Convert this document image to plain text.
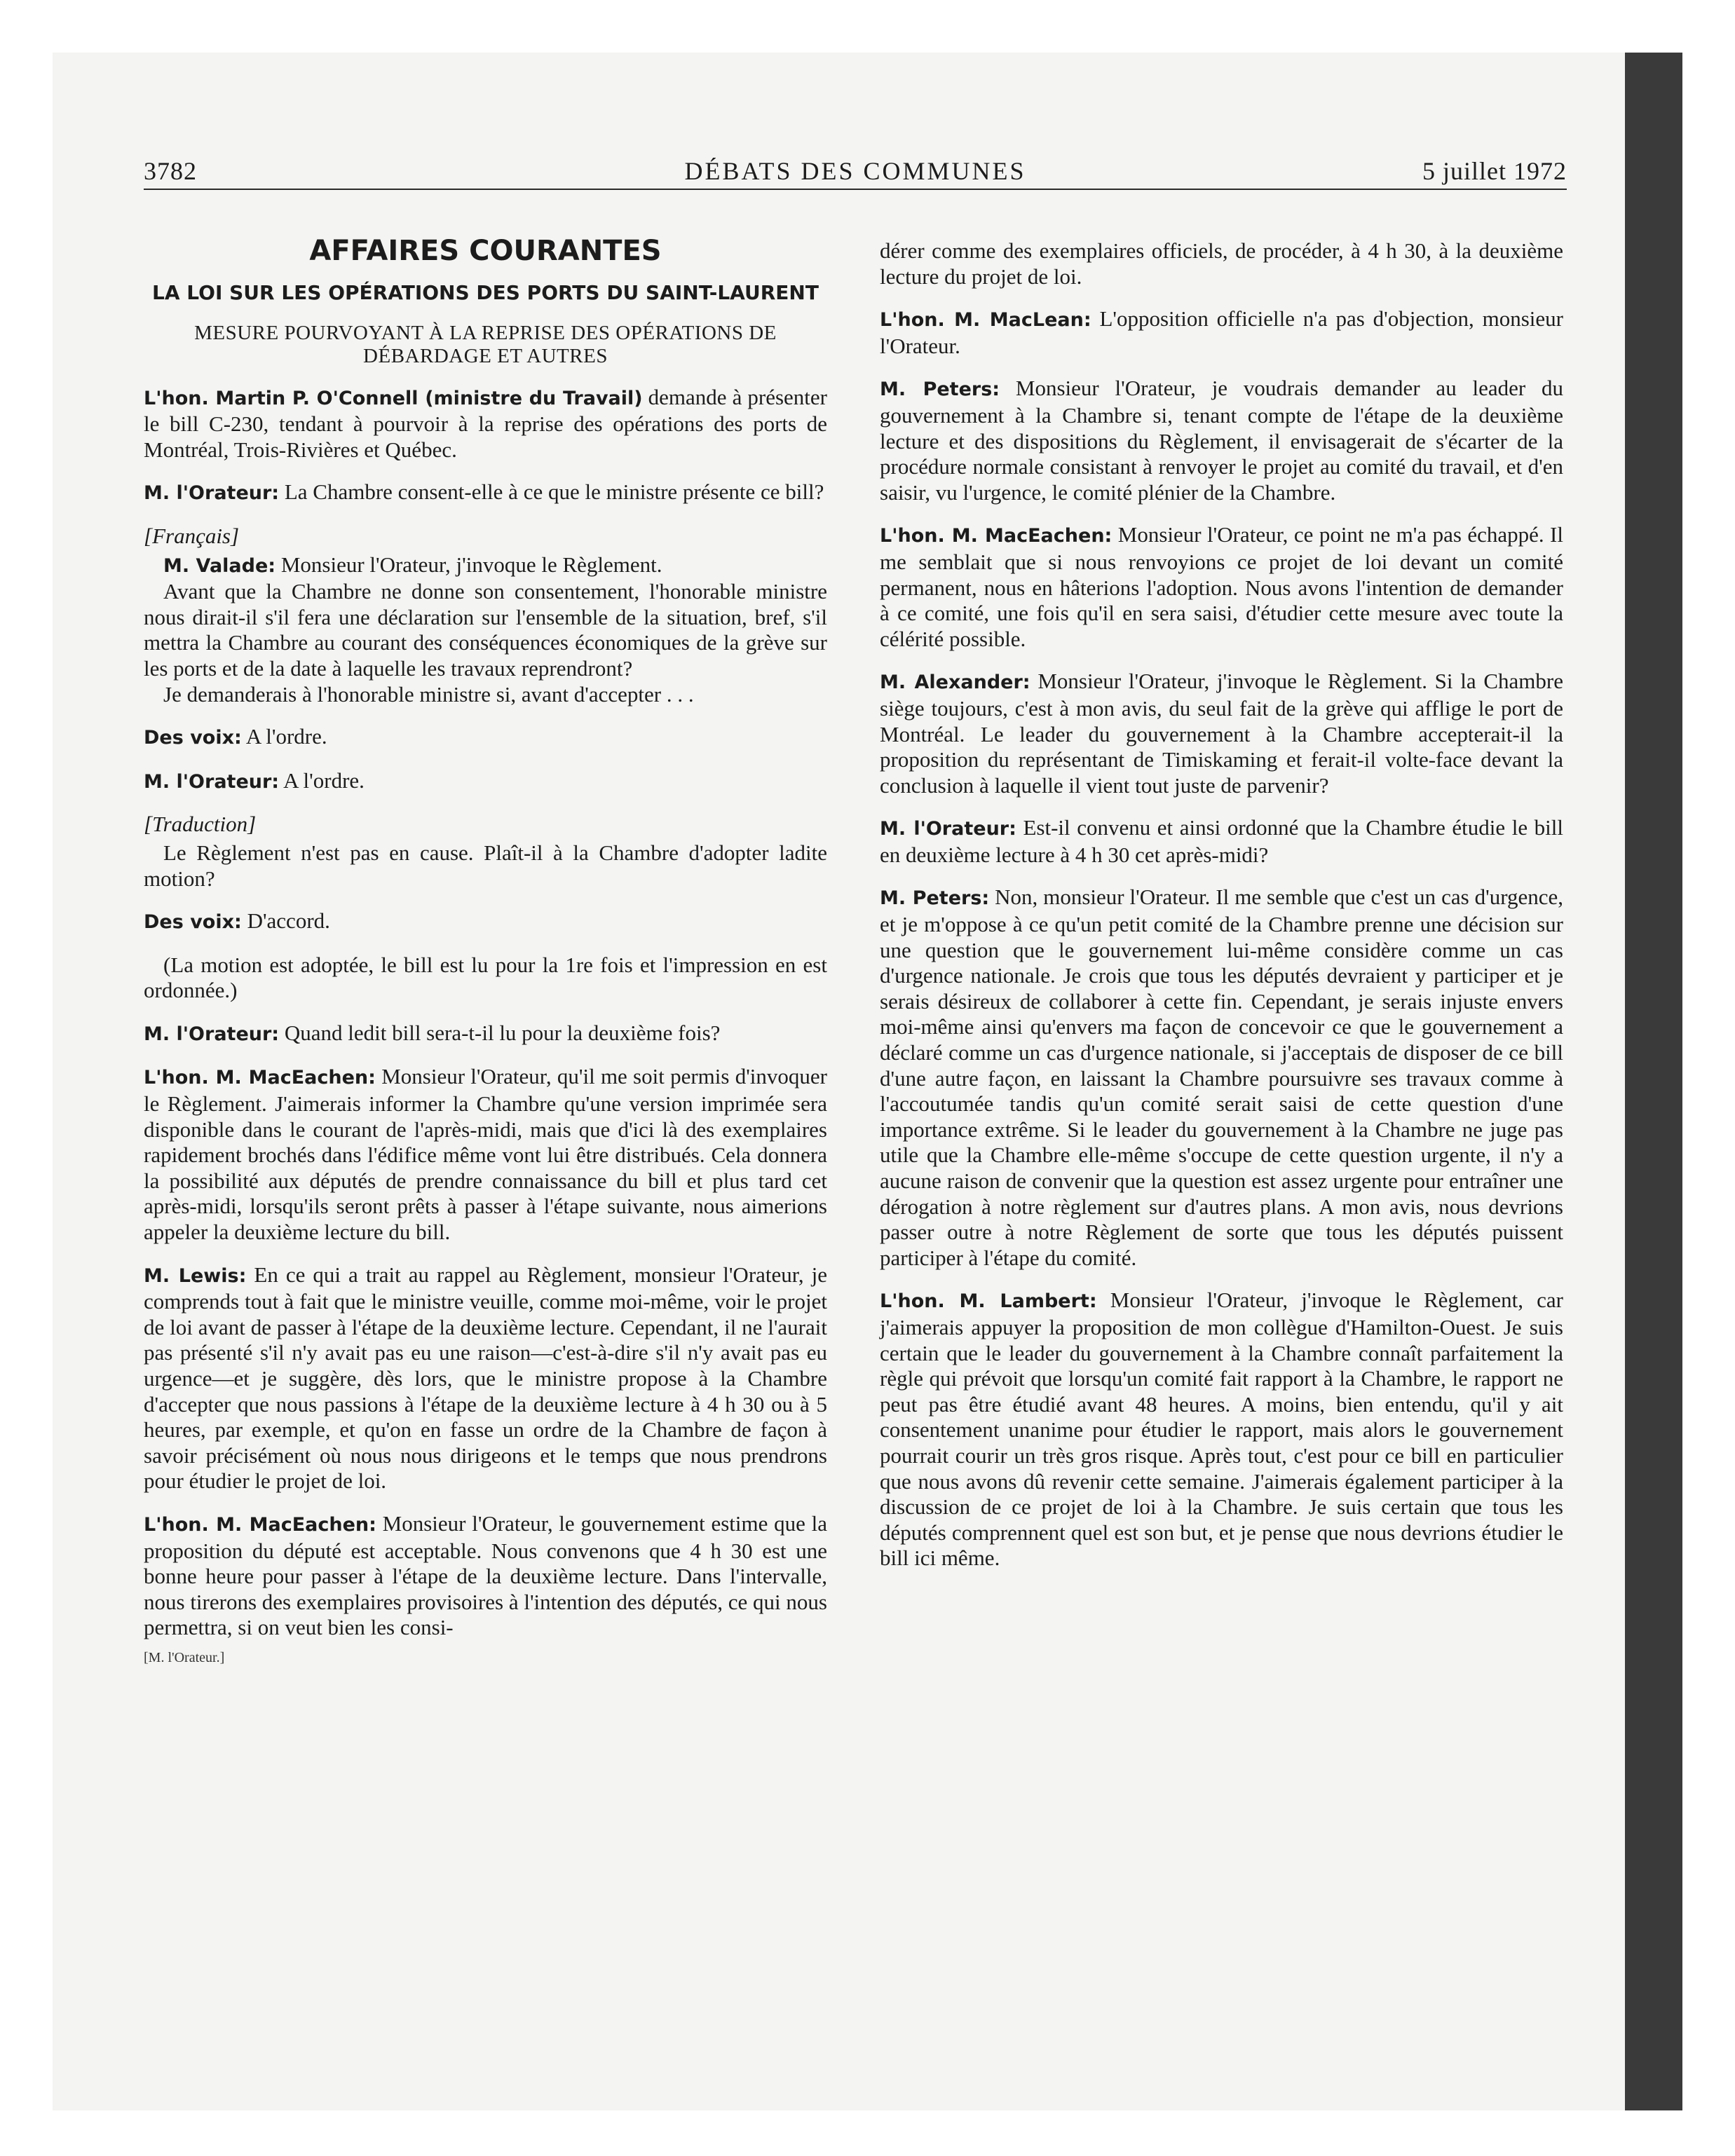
3782	DÉBATS DES COMMUNES	5 juillet 1972

AFFAIRES COURANTES

LA LOI SUR LES OPÉRATIONS DES PORTS DU SAINT-LAURENT

MESURE POURVOYANT À LA REPRISE DES OPÉRATIONS DE DÉBARDAGE ET AUTRES

L'hon. Martin P. O'Connell (ministre du Travail) demande à présenter le bill C-230, tendant à pourvoir à la reprise des opérations des ports de Montréal, Trois-Rivières et Québec.

M. l'Orateur: La Chambre consent-elle à ce que le ministre présente ce bill?

[Français]

M. Valade: Monsieur l'Orateur, j'invoque le Règlement.

Avant que la Chambre ne donne son consentement, l'honorable ministre nous dirait-il s'il fera une déclaration sur l'ensemble de la situation, bref, s'il mettra la Chambre au courant des conséquences économiques de la grève sur les ports et de la date à laquelle les travaux reprendront?

Je demanderais à l'honorable ministre si, avant d'accepter . . .

Des voix: A l'ordre.

M. l'Orateur: A l'ordre.

[Traduction]

Le Règlement n'est pas en cause. Plaît-il à la Chambre d'adopter ladite motion?

Des voix: D'accord.

(La motion est adoptée, le bill est lu pour la 1re fois et l'impression en est ordonnée.)

M. l'Orateur: Quand ledit bill sera-t-il lu pour la deuxième fois?

L'hon. M. MacEachen: Monsieur l'Orateur, qu'il me soit permis d'invoquer le Règlement. J'aimerais informer la Chambre qu'une version imprimée sera disponible dans le courant de l'après-midi, mais que d'ici là des exemplaires rapidement brochés dans l'édifice même vont lui être distribués. Cela donnera la possibilité aux députés de prendre connaissance du bill et plus tard cet après-midi, lorsqu'ils seront prêts à passer à l'étape suivante, nous aimerions appeler la deuxième lecture du bill.

M. Lewis: En ce qui a trait au rappel au Règlement, monsieur l'Orateur, je comprends tout à fait que le ministre veuille, comme moi-même, voir le projet de loi avant de passer à l'étape de la deuxième lecture. Cependant, il ne l'aurait pas présenté s'il n'y avait pas eu une raison—c'est-à-dire s'il n'y avait pas eu urgence—et je suggère, dès lors, que le ministre propose à la Chambre d'accepter que nous passions à l'étape de la deuxième lecture à 4 h 30 ou à 5 heures, par exemple, et qu'on en fasse un ordre de la Chambre de façon à savoir précisément où nous nous dirigeons et le temps que nous prendrons pour étudier le projet de loi.

L'hon. M. MacEachen: Monsieur l'Orateur, le gouvernement estime que la proposition du député est acceptable. Nous convenons que 4 h 30 est une bonne heure pour passer à l'étape de la deuxième lecture. Dans l'intervalle, nous tirerons des exemplaires provisoires à l'intention des députés, ce qui nous permettra, si on veut bien les consi-

[M. l'Orateur.]

dérer comme des exemplaires officiels, de procéder, à 4 h 30, à la deuxième lecture du projet de loi.

L'hon. M. MacLean: L'opposition officielle n'a pas d'objection, monsieur l'Orateur.

M. Peters: Monsieur l'Orateur, je voudrais demander au leader du gouvernement à la Chambre si, tenant compte de l'étape de la deuxième lecture et des dispositions du Règlement, il envisagerait de s'écarter de la procédure normale consistant à renvoyer le projet au comité du travail, et d'en saisir, vu l'urgence, le comité plénier de la Chambre.

L'hon. M. MacEachen: Monsieur l'Orateur, ce point ne m'a pas échappé. Il me semblait que si nous renvoyions ce projet de loi devant un comité permanent, nous en hâterions l'adoption. Nous avons l'intention de demander à ce comité, une fois qu'il en sera saisi, d'étudier cette mesure avec toute la célérité possible.

M. Alexander: Monsieur l'Orateur, j'invoque le Règlement. Si la Chambre siège toujours, c'est à mon avis, du seul fait de la grève qui afflige le port de Montréal. Le leader du gouvernement à la Chambre accepterait-il la proposition du représentant de Timiskaming et ferait-il volte-face devant la conclusion à laquelle il vient tout juste de parvenir?

M. l'Orateur: Est-il convenu et ainsi ordonné que la Chambre étudie le bill en deuxième lecture à 4 h 30 cet après-midi?

M. Peters: Non, monsieur l'Orateur. Il me semble que c'est un cas d'urgence, et je m'oppose à ce qu'un petit comité de la Chambre prenne une décision sur une question que le gouvernement lui-même considère comme un cas d'urgence nationale. Je crois que tous les députés devraient y participer et je serais désireux de collaborer à cette fin. Cependant, je serais injuste envers moi-même ainsi qu'envers ma façon de concevoir ce que le gouvernement a déclaré comme un cas d'urgence nationale, si j'acceptais de disposer de ce bill d'une autre façon, en laissant la Chambre poursuivre ses travaux comme à l'accoutumée tandis qu'un comité serait saisi de cette question d'une importance extrême. Si le leader du gouvernement à la Chambre ne juge pas utile que la Chambre elle-même s'occupe de cette question urgente, il n'y a aucune raison de convenir que la question est assez urgente pour entraîner une dérogation à notre règlement sur d'autres plans. A mon avis, nous devrions passer outre à notre Règlement de sorte que tous les députés puissent participer à l'étape du comité.

L'hon. M. Lambert: Monsieur l'Orateur, j'invoque le Règlement, car j'aimerais appuyer la proposition de mon collègue d'Hamilton-Ouest. Je suis certain que le leader du gouvernement à la Chambre connaît parfaitement la règle qui prévoit que lorsqu'un comité fait rapport à la Chambre, le rapport ne peut pas être étudié avant 48 heures. A moins, bien entendu, qu'il y ait consentement unanime pour étudier le rapport, mais alors le gouvernement pourrait courir un très gros risque. Après tout, c'est pour ce bill en particulier que nous avons dû revenir cette semaine. J'aimerais également participer à la discussion de ce projet de loi à la Chambre. Je suis certain que tous les députés comprennent quel est son but, et je pense que nous devrions étudier le bill ici même.
